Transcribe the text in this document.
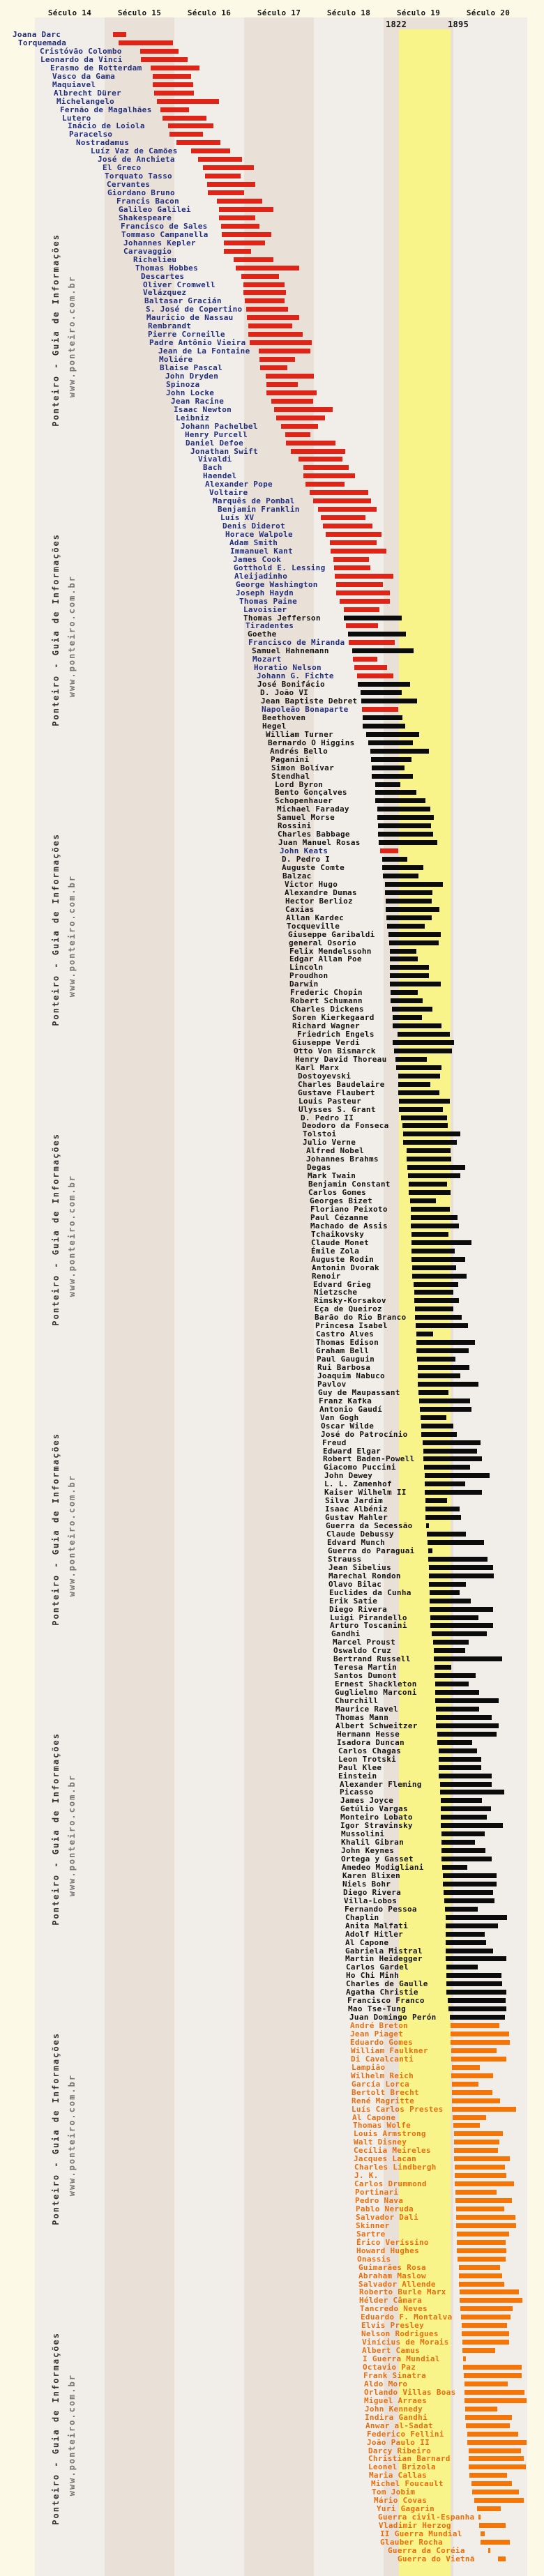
Século 14	Século 15	Século 16	Século 17	Século 18	Século 19	Século 20
1822	1895
Ponteiro - Guia de Informações www.ponteiro.com.br
Ponteiro - Guia de Informações www.ponteiro.com.br
Ponteiro - Guia de Informações www.ponteiro.com.br
Ponteiro - Guia de Informações www.ponteiro.com.br
Ponteiro - Guia de Informações www.ponteiro.com.br
Ponteiro - Guia de Informações www.ponteiro.com.br
Ponteiro - Guia de Informações www.ponteiro.com.br
Ponteiro - Guia de Informações www.ponteiro.com.br
Joana Darc
Torquemada
Cristóvão Colombo
Leonardo da Vinci
Erasmo de Rotterdam
Vasco da Gama
Maquiavel
Albrecht Dürer
Michelangelo
Fernão de Magalhães
Lutero
Inácio de Loiola
Paracelso
Nostradamus
Luíz Vaz de Camões
José de Anchieta
El Greco
Torquato Tasso
Cervantes
Giordano Bruno
Francis Bacon
Galileo Galilei
Shakespeare
Francisco de Sales
Tommaso Campanella
Johannes Kepler
Caravaggio
Richelieu
Thomas Hobbes
Descartes
Oliver Cromwell
Velázquez
Baltasar Gracián
S. José de Copertino
Mauricio de Nassau
Rembrandt
Pierre Corneille
Padre Antônio Vieira
Jean de La Fontaine
Moliére
Blaise Pascal
John Dryden
Spinoza
John Locke
Jean Racine
Isaac Newton
Leibniz
Johann Pachelbel
Henry Purcell
Daniel Defoe
Jonathan Swift
Vivaldi
Bach
Haendel
Alexander Pope
Voltaire
Marquês de Pombal
Benjamin Franklin
Luís XV
Denis Diderot
Horace Walpole
Adam Smith
Immanuel Kant
James Cook
Gotthold E. Lessing
Aleijadinho
George Washington
Joseph Haydn
Thomas Paine
Lavoisier
Thomas Jefferson
Tiradentes
Goethe
Francisco de Miranda
Samuel Hahnemann
Mozart
Horatio Nelson
Johann G. Fichte
José Bonifácio
D. João VI
Jean Baptiste Debret
Napoleão Bonaparte
Beethoven
Hegel
William Turner
Bernardo O Higgins
Andrés Bello
Paganini
Simon Bolívar
Stendhal
Lord Byron
Bento Gonçalves
Schopenhauer
Michael Faraday
Samuel Morse
Rossini
Charles Babbage
Juan Manuel Rosas
John Keats
D. Pedro I
Auguste Comte
Balzac
Victor Hugo
Alexandre Dumas
Hector Berlioz
Caxias
Allan Kardec
Tocqueville
Giuseppe Garibaldi
general Osorio
Felix Mendelssohn
Edgar Allan Poe
Lincoln
Proudhon
Darwin
Frederic Chopin
Robert Schumann
Charles Dickens
Soren Kierkegaard
Richard Wagner
Friedrich Engels
Giuseppe Verdi
Otto Von Bismarck
Henry David Thoreau
Karl Marx
Dostoyevski
Charles Baudelaire
Gustave Flaubert
Louis Pasteur
Ulysses S. Grant
D. Pedro II
Deodoro da Fonseca
Tolstoi
Julio Verne
Alfred Nobel
Johannes Brahms
Degas
Mark Twain
Benjamin Constant
Carlos Gomes
Georges Bizet
Floriano Peixoto
Paul Cézanne
Machado de Assis
Tchaikovsky
Claude Monet
Émile Zola
Auguste Rodin
Antonin Dvorak
Renoir
Edvard Grieg
Nietzsche
Rimsky-Korsakov
Eça de Queiroz
Barão do Rio Branco
Princesa Isabel
Castro Alves
Thomas Edison
Graham Bell
Paul Gauguin
Rui Barbosa
Joaquim Nabuco
Pavlov
Guy de Maupassant
Franz Kafka
Antonio Gaudí
Van Gogh
Oscar Wilde
José do Patrocínio
Freud
Edward Elgar
Robert Baden-Powell
Giacomo Puccini
John Dewey
L. L. Zamenhof
Kaiser Wilhelm II
Silva Jardim
Isaac Albéniz
Gustav Mahler
Guerra da Secessão
Claude Debussy
Edvard Munch
Guerra do Paraguai
Strauss
Jean Sibelius
Marechal Rondon
Olavo Bilac
Euclides da Cunha
Erik Satie
Diego Rivera
Luigi Pirandello
Arturo Toscanini
Gandhi
Marcel Proust
Oswaldo Cruz
Bertrand Russell
Teresa Martin
Santos Dumont
Ernest Shackleton
Guglielmo Marconi
Churchill
Maurice Ravel
Thomas Mann
Albert Schweitzer
Hermann Hesse
Isadora Duncan
Carlos Chagas
Leon Trotski
Paul Klee
Einstein
Alexander Fleming
Picasso
James Joyce
Getúlio Vargas
Monteiro Lobato
Igor Stravinsky
Mussolini
Khalil Gibran
John Keynes
Ortega y Gasset
Amedeo Modigliani
Karen Blixen
Niels Bohr
Diego Rivera
Villa-Lobos
Fernando Pessoa
Chaplin
Anita Malfati
Adolf Hitler
Al Capone
Gabriela Mistral
Martin Heidegger
Carlos Gardel
Ho Chi Minh
Charles de Gaulle
Agatha Christie
Francisco Franco
Mao Tse-Tung
Juan Domingo Perón
André Breton
Jean Piaget
Eduardo Gomes
William Faulkner
Di Cavalcanti
Lampião
Wilhelm Reich
García Lorca
Bertolt Brecht
René Magritte
Luís Carlos Prestes
Al Capone
Thomas Wolfe
Louis Armstrong
Walt Disney
Cecília Meireles
Jacques Lacan
Charles Lindbergh
J. K.
Carlos Drummond
Portinari
Pedro Nava
Pablo Neruda
Salvador Dali
Skinner
Sartre
Érico Veríssino
Howard Hughes
Onassis
Guimarães Rosa
Abraham Maslow
Salvador Allende
Roberto Burle Marx
Hélder Câmara
Tancredo Neves
Eduardo F. Montalva
Elvis Presley
Nelson Rodrigues
Vinícius de Morais
Albert Camus
I Guerra Mundial
Octavio Paz
Frank Sinatra
Aldo Moro
Orlando Villas Boas
Miguel Arraes
John Kennedy
Indira Gandhi
Anwar al-Sadat
Federico Fellini
João Paulo II
Darcy Ribeiro
Christian Barnard
Leonel Brizola
Maria Callas
Michel Foucault
Tom Jobim
Mário Covas
Yuri Gagarin
Guerra civil-Espanha
Vladimir Herzog
II Guerra Mundial
Glauber Rocha
Guerra da Coréia
Guerra do Vietnã
